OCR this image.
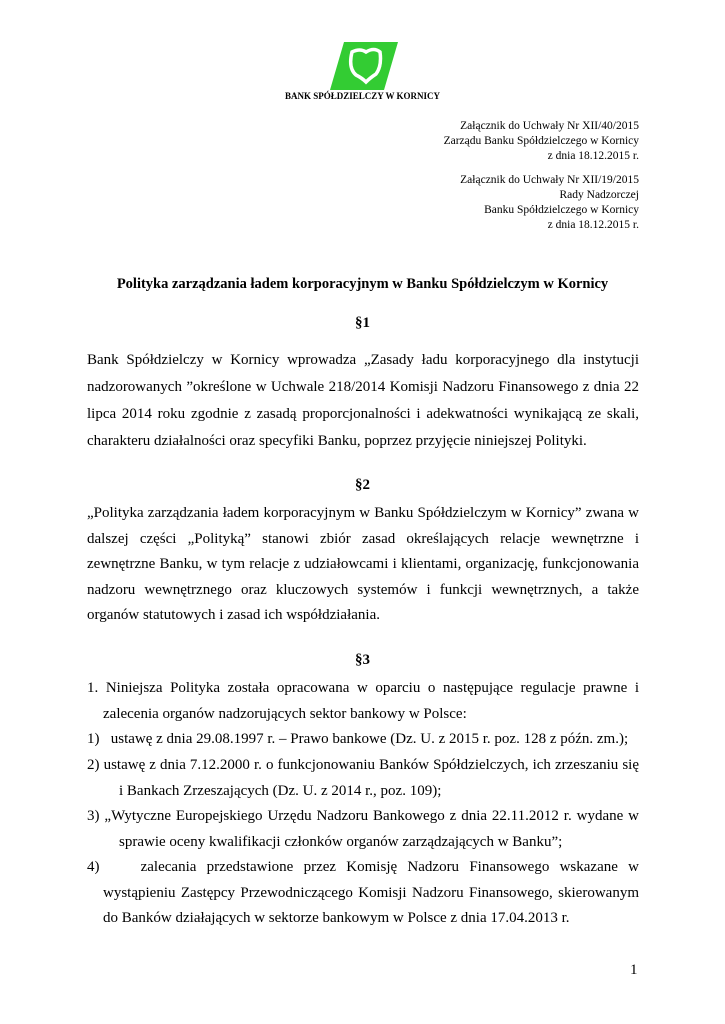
BANK SPÓŁDZIELCZY W KORNICY
Załącznik do Uchwały Nr XII/40/2015
Zarządu Banku Spółdzielczego w Kornicy
z dnia 18.12.2015 r.
Załącznik do Uchwały Nr XII/19/2015
Rady Nadzorczej
Banku Spółdzielczego w Kornicy
z dnia 18.12.2015 r.
Polityka zarządzania ładem korporacyjnym w Banku Spółdzielczym w Kornicy
§1
Bank Spółdzielczy w Kornicy wprowadza „Zasady ładu korporacyjnego dla instytucji nadzorowanych ”określone w Uchwale 218/2014 Komisji Nadzoru Finansowego z dnia 22 lipca 2014 roku zgodnie z zasadą proporcjonalności i adekwatności wynikającą ze skali, charakteru działalności oraz specyfiki Banku, poprzez przyjęcie niniejszej Polityki.
§2
„Polityka zarządzania ładem korporacyjnym w Banku Spółdzielczym w Kornicy” zwana w dalszej części „Polityką” stanowi zbiór zasad określających relacje wewnętrzne i zewnętrzne Banku, w tym relacje z udziałowcami i klientami, organizację, funkcjonowania nadzoru wewnętrznego oraz kluczowych systemów i funkcji wewnętrznych, a także organów statutowych i zasad ich współdziałania.
§3
1. Niniejsza Polityka została opracowana w oparciu o następujące regulacje prawne i zalecenia organów nadzorujących sektor bankowy w Polsce:
1) ustawę z dnia 29.08.1997 r. – Prawo bankowe (Dz. U. z 2015 r. poz. 128 z późn. zm.);
2) ustawę z dnia 7.12.2000 r. o funkcjonowaniu Banków Spółdzielczych, ich zrzeszaniu się i Bankach Zrzeszających (Dz. U. z 2014 r., poz. 109);
3) „Wytyczne Europejskiego Urzędu Nadzoru Bankowego z dnia 22.11.2012 r. wydane w sprawie oceny kwalifikacji członków organów zarządzających w Banku”;
4)	zalecania przedstawione przez Komisję Nadzoru Finansowego wskazane w wystąpieniu Zastępcy Przewodniczącego Komisji Nadzoru Finansowego, skierowanym do Banków działających w sektorze bankowym w Polsce z dnia 17.04.2013 r.
1
